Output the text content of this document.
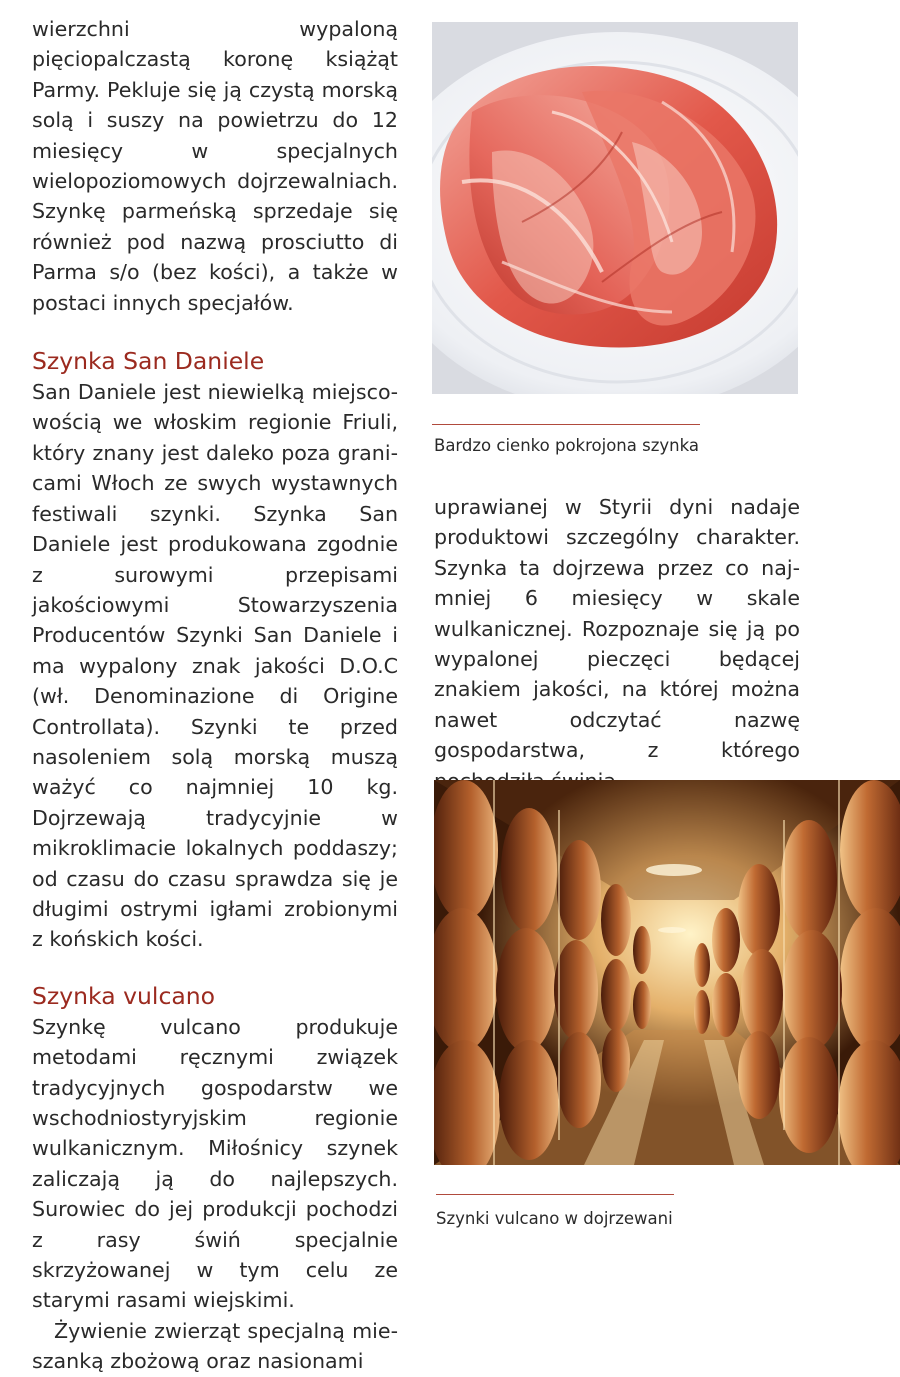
wierzchni wypaloną pięciopalczastą koronę książąt Parmy. Pekluje się ją czystą morską solą i suszy na powietrzu do 12 miesięcy w specjalnych wielopoziomowych dojrzewalniach. Szynkę parmeńską sprzedaje się również pod nazwą prosciutto di Parma s/o (bez kości), a także w postaci innych specjałów.

Szynka San Daniele

San Daniele jest niewielką miejscowością we włoskim regionie Friuli, który znany jest daleko poza granicami Włoch ze swych wystawnych festiwali szynki. Szynka San Daniele jest produkowana zgodnie z surowymi przepisami jakościowymi Stowarzyszenia Producentów Szynki San Daniele i ma wypalony znak jakości D.O.C (wł. Denominazione di Origine Controllata). Szynki te przed nasoleniem solą morską muszą ważyć co najmniej 10 kg. Dojrzewają tradycyjnie w mikroklimacie lokalnych poddaszy; od czasu do czasu sprawdza się je długimi ostrymi igłami zrobionymi z końskich kości.

Szynka vulcano

Szynkę vulcano produkuje metodami ręcznymi związek tradycyjnych gospodarstw we wschodniostyryjskim regionie wulkanicznym. Miłośnicy szynek zaliczają ją do najlepszych. Surowiec do jej produkcji pochodzi z rasy świń specjalnie skrzyżowanej w tym celu ze starymi rasami wiejskimi.

Żywienie zwierząt specjalną mieszanką zbożową oraz nasionami

Bardzo cienko pokrojona szynka

uprawianej w Styrii dyni nadaje produktowi szczególny charakter. Szynka ta dojrzewa przez co najmniej 6 miesięcy w skale wulkanicznej. Rozpoznaje się ją po wypalonej pieczęci będącej znakiem jakości, na której można nawet odczytać nazwę gospodarstwa, z którego

Szynki vulcano w dojrzewani
